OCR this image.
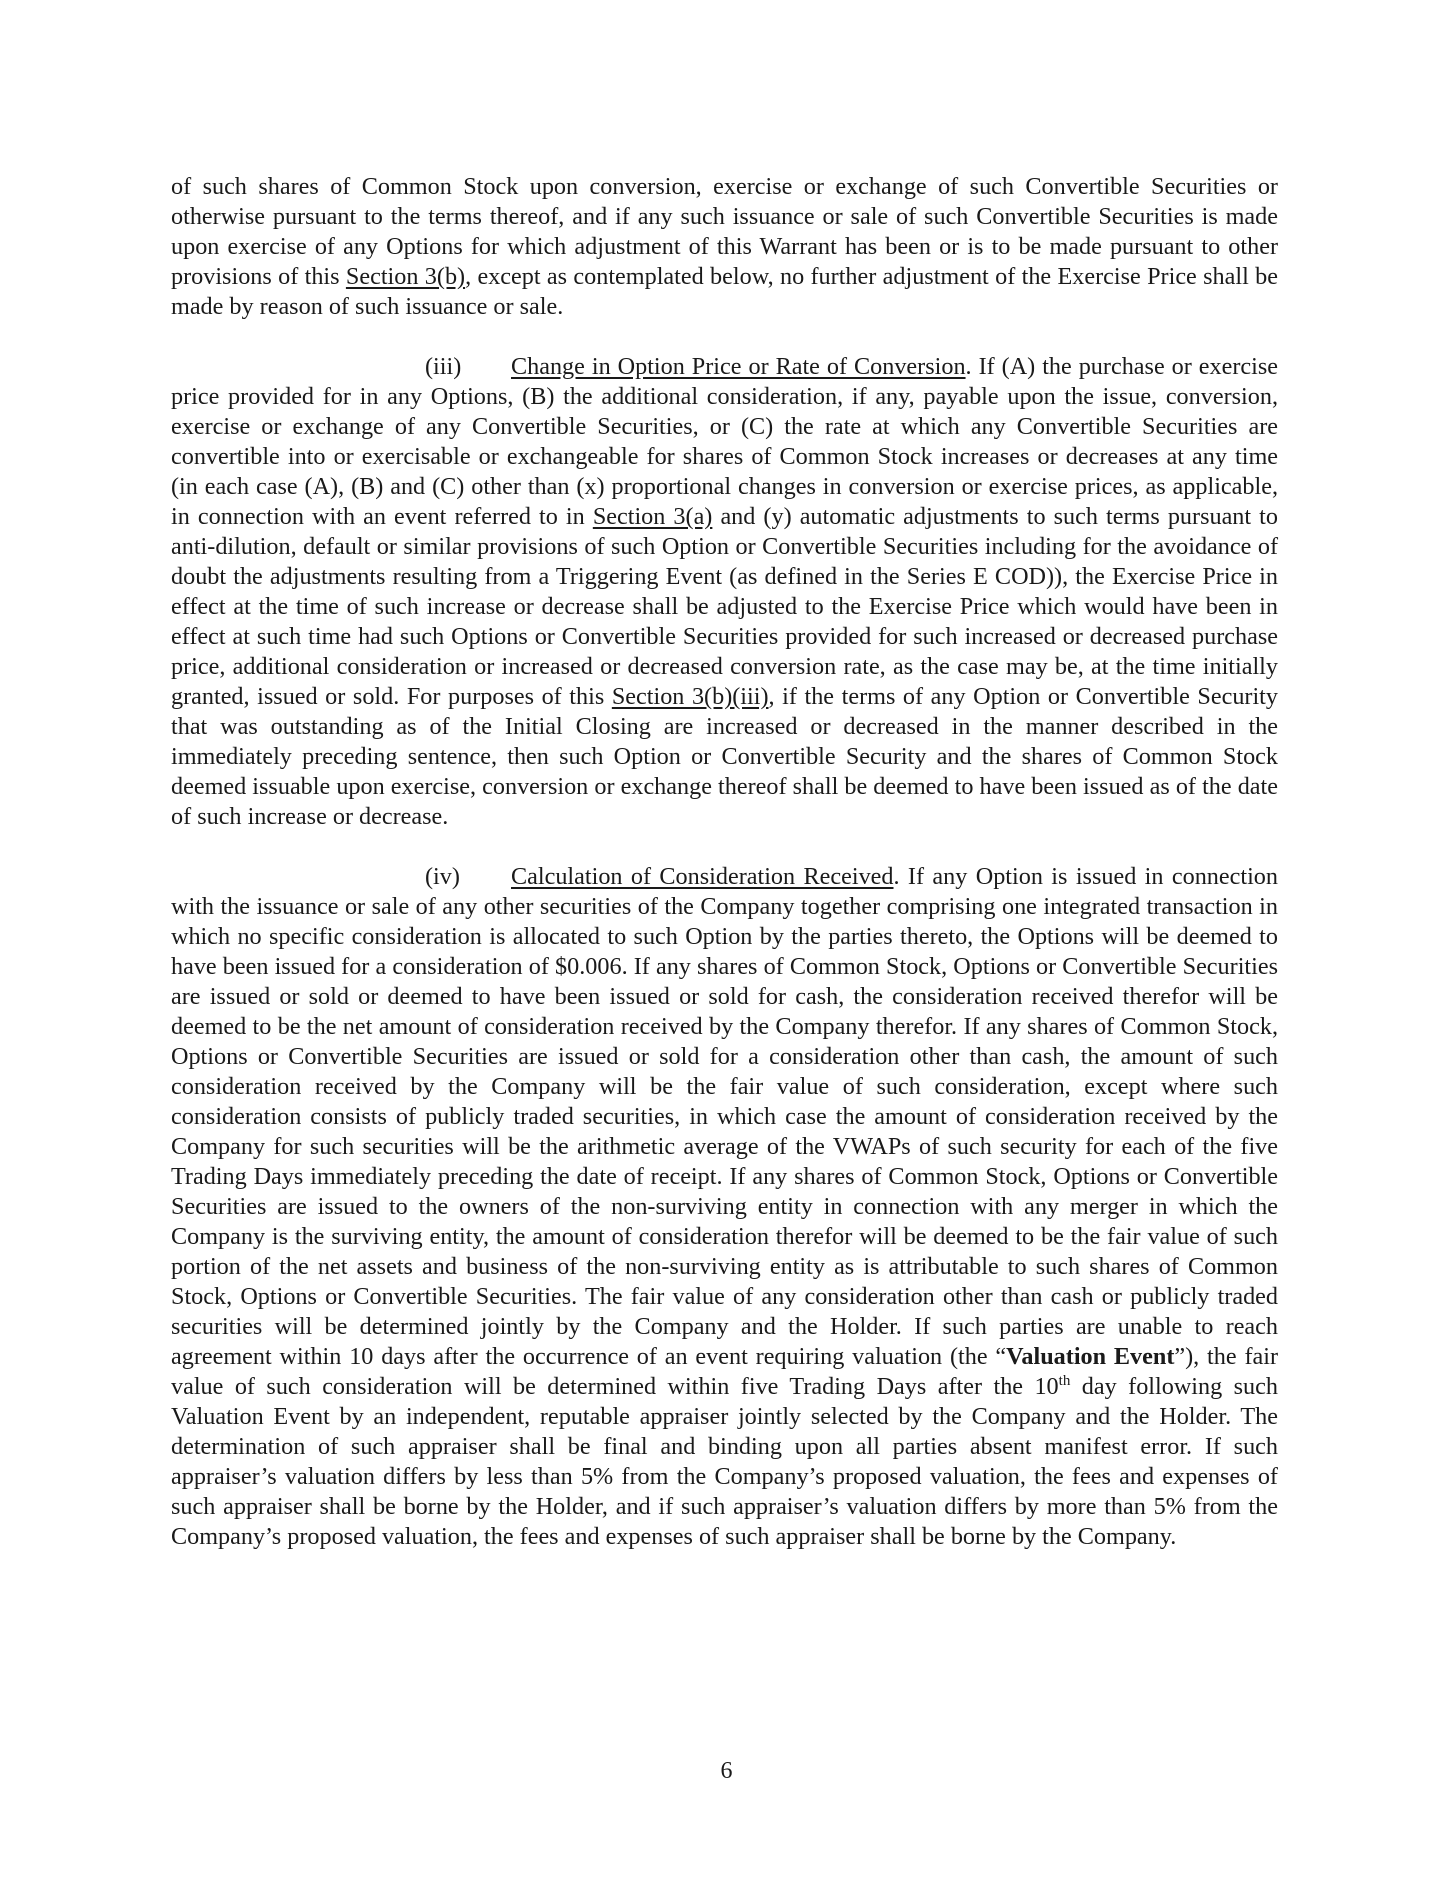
of such shares of Common Stock upon conversion, exercise or exchange of such Convertible Securities or otherwise pursuant to the terms thereof, and if any such issuance or sale of such Convertible Securities is made upon exercise of any Options for which adjustment of this Warrant has been or is to be made pursuant to other provisions of this Section 3(b), except as contemplated below, no further adjustment of the Exercise Price shall be made by reason of such issuance or sale.

(iii) Change in Option Price or Rate of Conversion. If (A) the purchase or exercise price provided for in any Options, (B) the additional consideration, if any, payable upon the issue, conversion, exercise or exchange of any Convertible Securities, or (C) the rate at which any Convertible Securities are convertible into or exercisable or exchangeable for shares of Common Stock increases or decreases at any time (in each case (A), (B) and (C) other than (x) proportional changes in conversion or exercise prices, as applicable, in connection with an event referred to in Section 3(a) and (y) automatic adjustments to such terms pursuant to anti-dilution, default or similar provisions of such Option or Convertible Securities including for the avoidance of doubt the adjustments resulting from a Triggering Event (as defined in the Series E COD)), the Exercise Price in effect at the time of such increase or decrease shall be adjusted to the Exercise Price which would have been in effect at such time had such Options or Convertible Securities provided for such increased or decreased purchase price, additional consideration or increased or decreased conversion rate, as the case may be, at the time initially granted, issued or sold. For purposes of this Section 3(b)(iii), if the terms of any Option or Convertible Security that was outstanding as of the Initial Closing are increased or decreased in the manner described in the immediately preceding sentence, then such Option or Convertible Security and the shares of Common Stock deemed issuable upon exercise, conversion or exchange thereof shall be deemed to have been issued as of the date of such increase or decrease.

(iv) Calculation of Consideration Received. If any Option is issued in connection with the issuance or sale of any other securities of the Company together comprising one integrated transaction in which no specific consideration is allocated to such Option by the parties thereto, the Options will be deemed to have been issued for a consideration of $0.006. If any shares of Common Stock, Options or Convertible Securities are issued or sold or deemed to have been issued or sold for cash, the consideration received therefor will be deemed to be the net amount of consideration received by the Company therefor. If any shares of Common Stock, Options or Convertible Securities are issued or sold for a consideration other than cash, the amount of such consideration received by the Company will be the fair value of such consideration, except where such consideration consists of publicly traded securities, in which case the amount of consideration received by the Company for such securities will be the arithmetic average of the VWAPs of such security for each of the five Trading Days immediately preceding the date of receipt. If any shares of Common Stock, Options or Convertible Securities are issued to the owners of the non-surviving entity in connection with any merger in which the Company is the surviving entity, the amount of consideration therefor will be deemed to be the fair value of such portion of the net assets and business of the non-surviving entity as is attributable to such shares of Common Stock, Options or Convertible Securities. The fair value of any consideration other than cash or publicly traded securities will be determined jointly by the Company and the Holder. If such parties are unable to reach agreement within 10 days after the occurrence of an event requiring valuation (the “Valuation Event”), the fair value of such consideration will be determined within five Trading Days after the 10th day following such Valuation Event by an independent, reputable appraiser jointly selected by the Company and the Holder. The determination of such appraiser shall be final and binding upon all parties absent manifest error. If such appraiser’s valuation differs by less than 5% from the Company’s proposed valuation, the fees and expenses of such appraiser shall be borne by the Holder, and if such appraiser’s valuation differs by more than 5% from the Company’s proposed valuation, the fees and expenses of such appraiser shall be borne by the Company.

6
